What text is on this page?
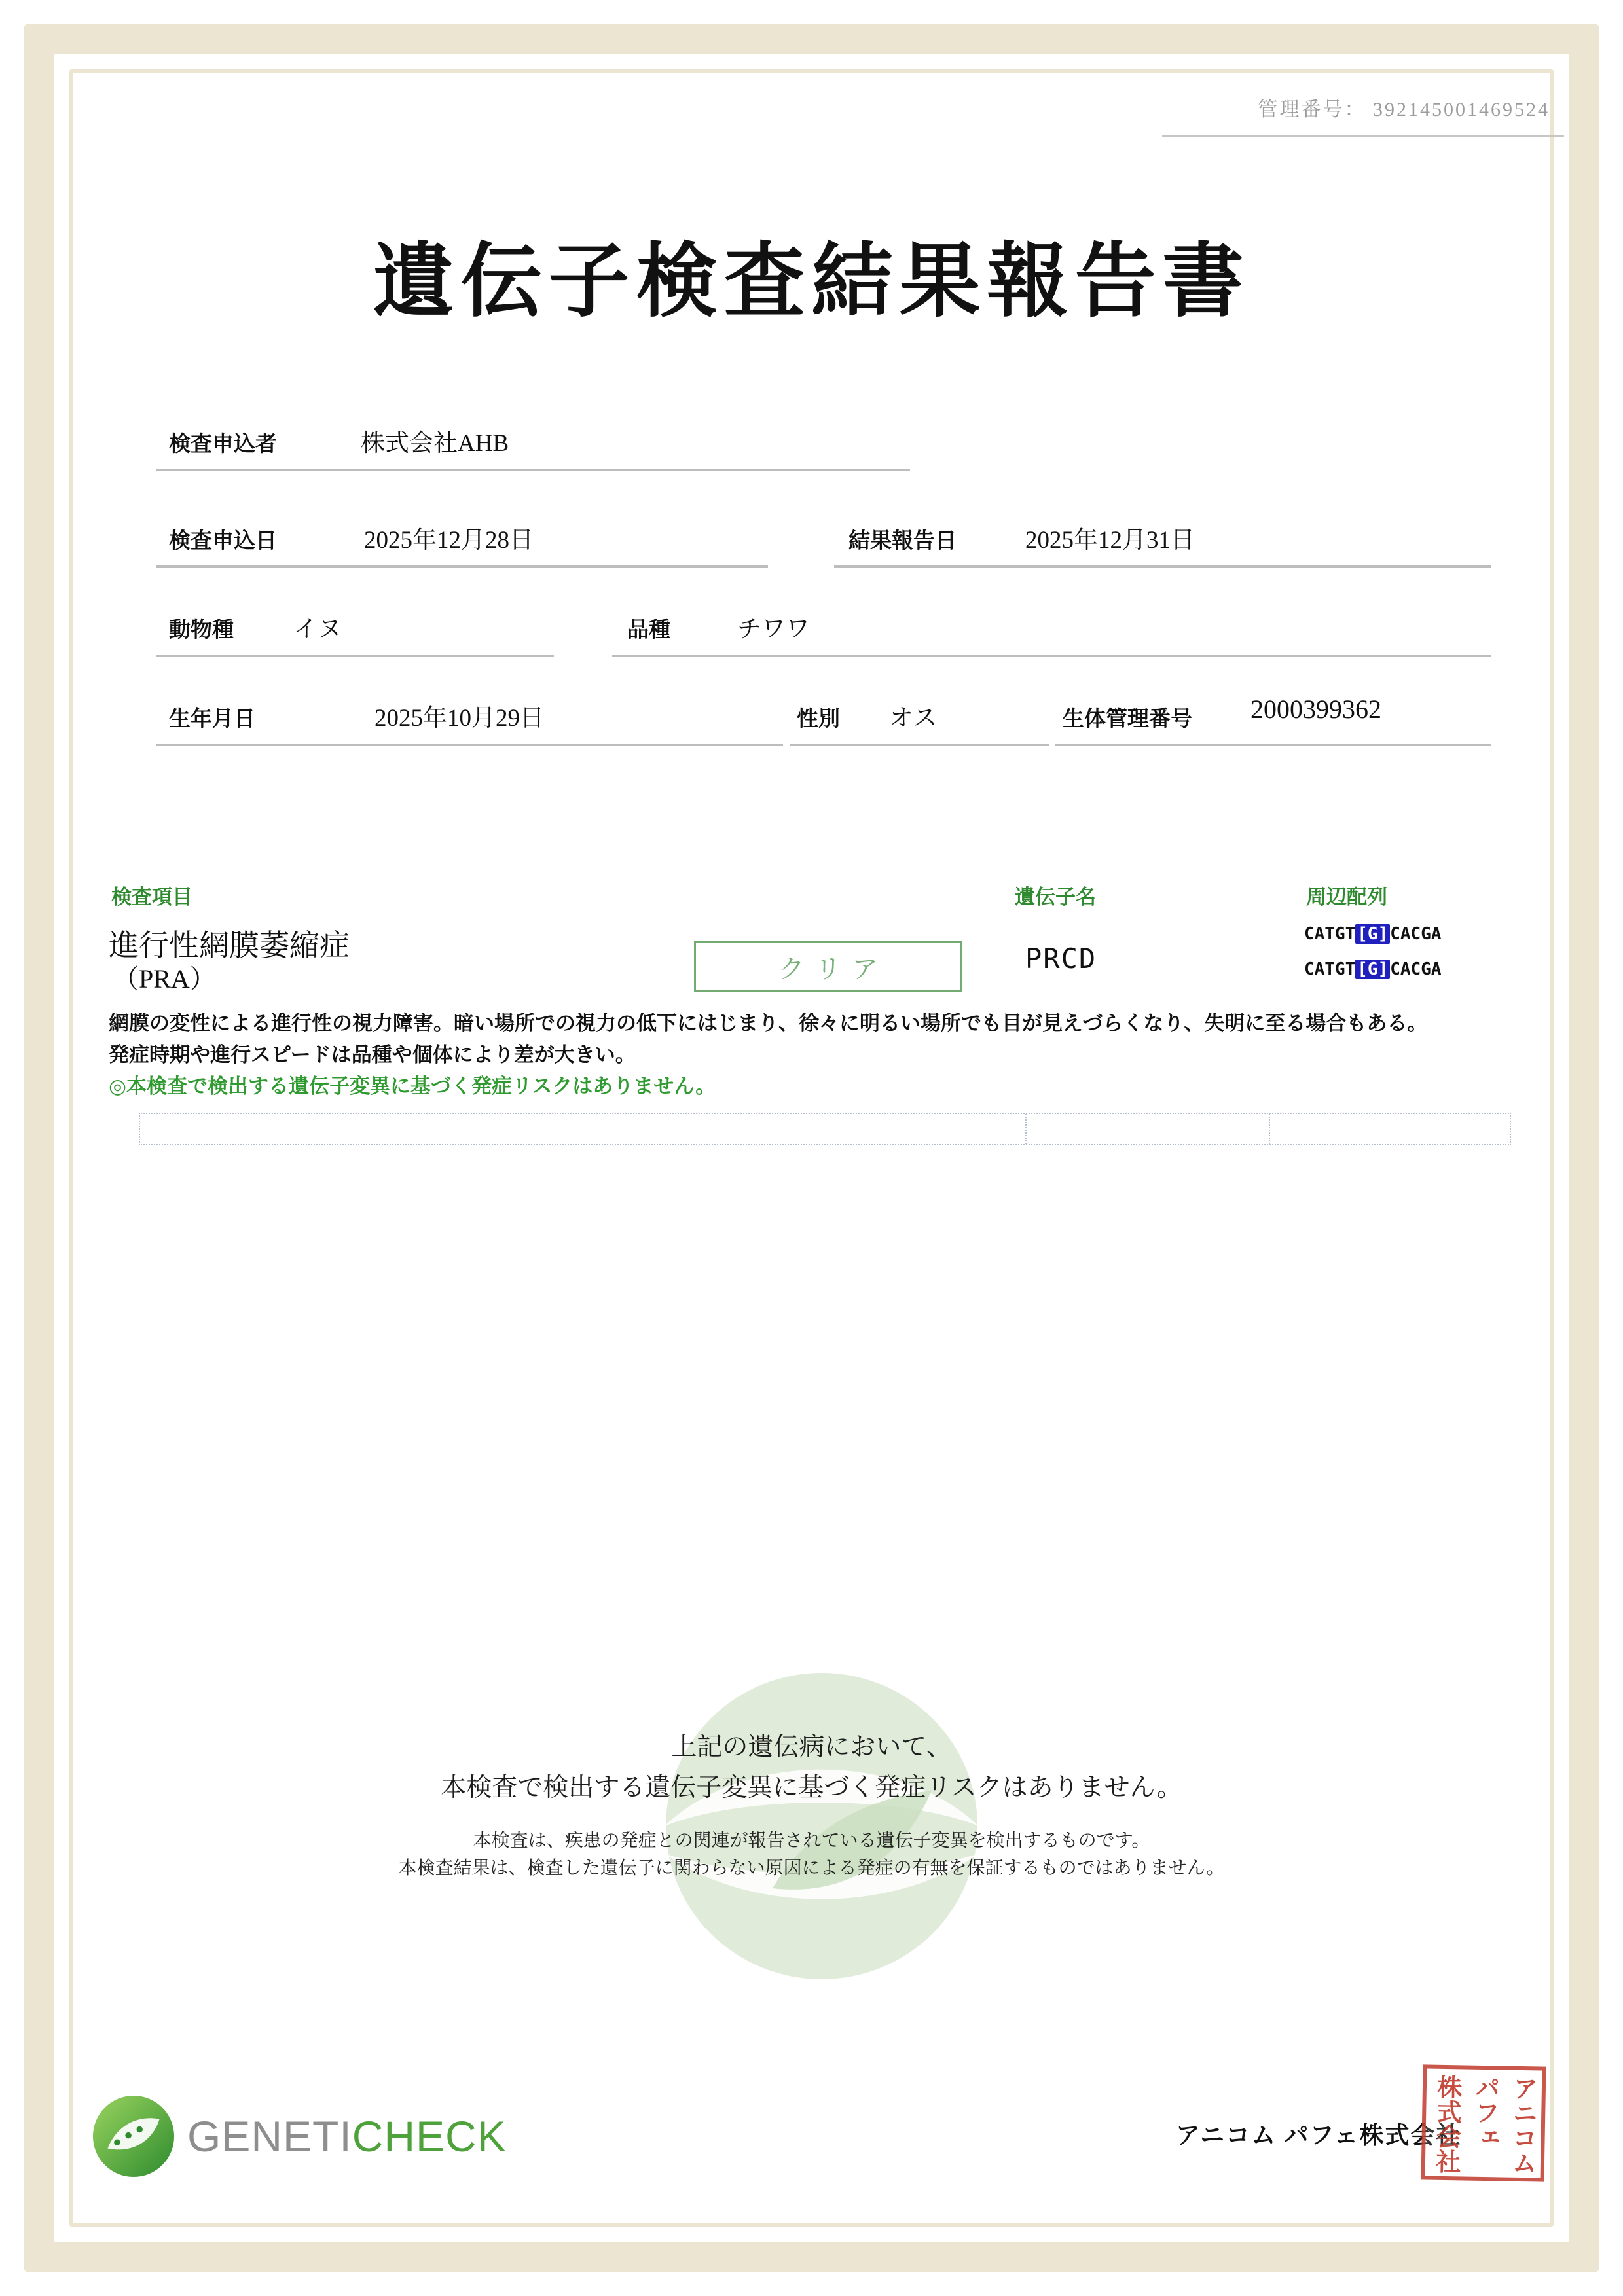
管理番号： 392145001469524
遺伝子検査結果報告書
検査申込者	株式会社AHB
検査申込日	2025年12月28日	結果報告日	2025年12月31日
動物種 イヌ	品種	チワワ
生年月日	2025年10月29日	性別 オス	生体管理番号 2000399362
検査項目	遺伝子名	周辺配列
進行性網膜萎縮症
（PRA）	クリア	PRCD
CATGT [G] CACGA
CATGT [G] CACGA
網膜の変性による進行性の視力障害。暗い場所での視力の低下にはじまり、徐々に明るい場所でも目が見えづらくなり、失明に至る場合もある。
発症時期や進行スピードは品種や個体により差が大きい。
◎本検査で検出する遺伝子変異に基づく発症リスクはありません。
上記の遺伝病において、
本検査で検出する遺伝子変異に基づく発症リスクはありません。
本検査は、疾患の発症との関連が報告されている遺伝子変異を検出するものです。
本検査結果は、検査した遺伝子に関わらない原因による発症の有無を保証するものではありません。
GENETICHECK	アニコム パフェ株式会社 アニコム
パフェ
株式会社
